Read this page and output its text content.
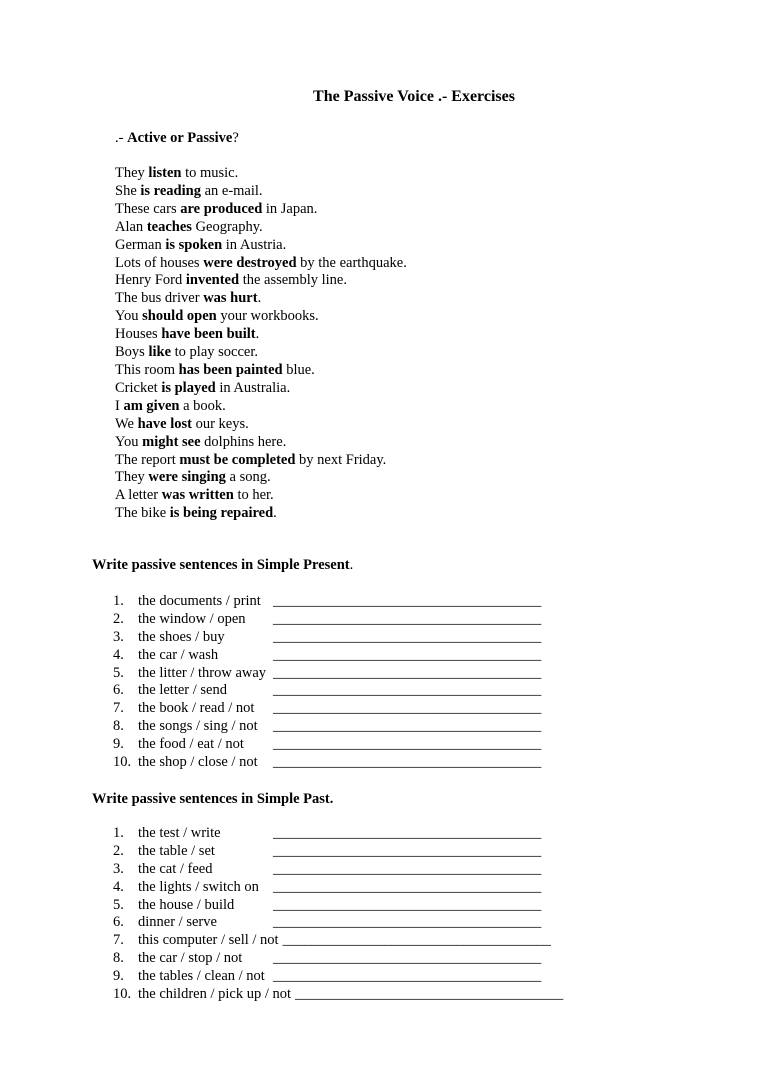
The Passive Voice .- Exercises
.- Active or Passive?
They listen to music.
She is reading an e-mail.
These cars are produced in Japan.
Alan teaches Geography.
German is spoken in Austria.
Lots of houses were destroyed by the earthquake.
Henry Ford invented the assembly line.
The bus driver was hurt.
You should open your workbooks.
Houses have been built.
Boys like to play soccer.
This room has been painted blue.
Cricket is played in Australia.
I am given a book.
We have lost our keys.
You might see dolphins here.
The report must be completed by next Friday.
They were singing a song.
A letter was written to her.
The bike is being repaired.
Write passive sentences in Simple Present.
1. the documents / print _____________________________________
2. the window / open _____________________________________
3. the shoes / buy	_____________________________________
4. the car / wash	_____________________________________
5. the litter / throw away _____________________________________
6. the letter / send	_____________________________________
7. the book / read / not _____________________________________
8. the songs / sing / not _____________________________________
9. the food / eat / not _____________________________________
10. the shop / close / not _____________________________________
Write passive sentences in Simple Past.
1. the test / write	_____________________________________
2. the table / set	_____________________________________
3. the cat / feed	_____________________________________
4. the lights / switch on _____________________________________
5. the house / build	_____________________________________
6. dinner / serve	_____________________________________
7. this computer / sell / not _____________________________________
8. the car / stop / not _____________________________________
9. the tables / clean / not _____________________________________
10. the children / pick up / not _____________________________________
